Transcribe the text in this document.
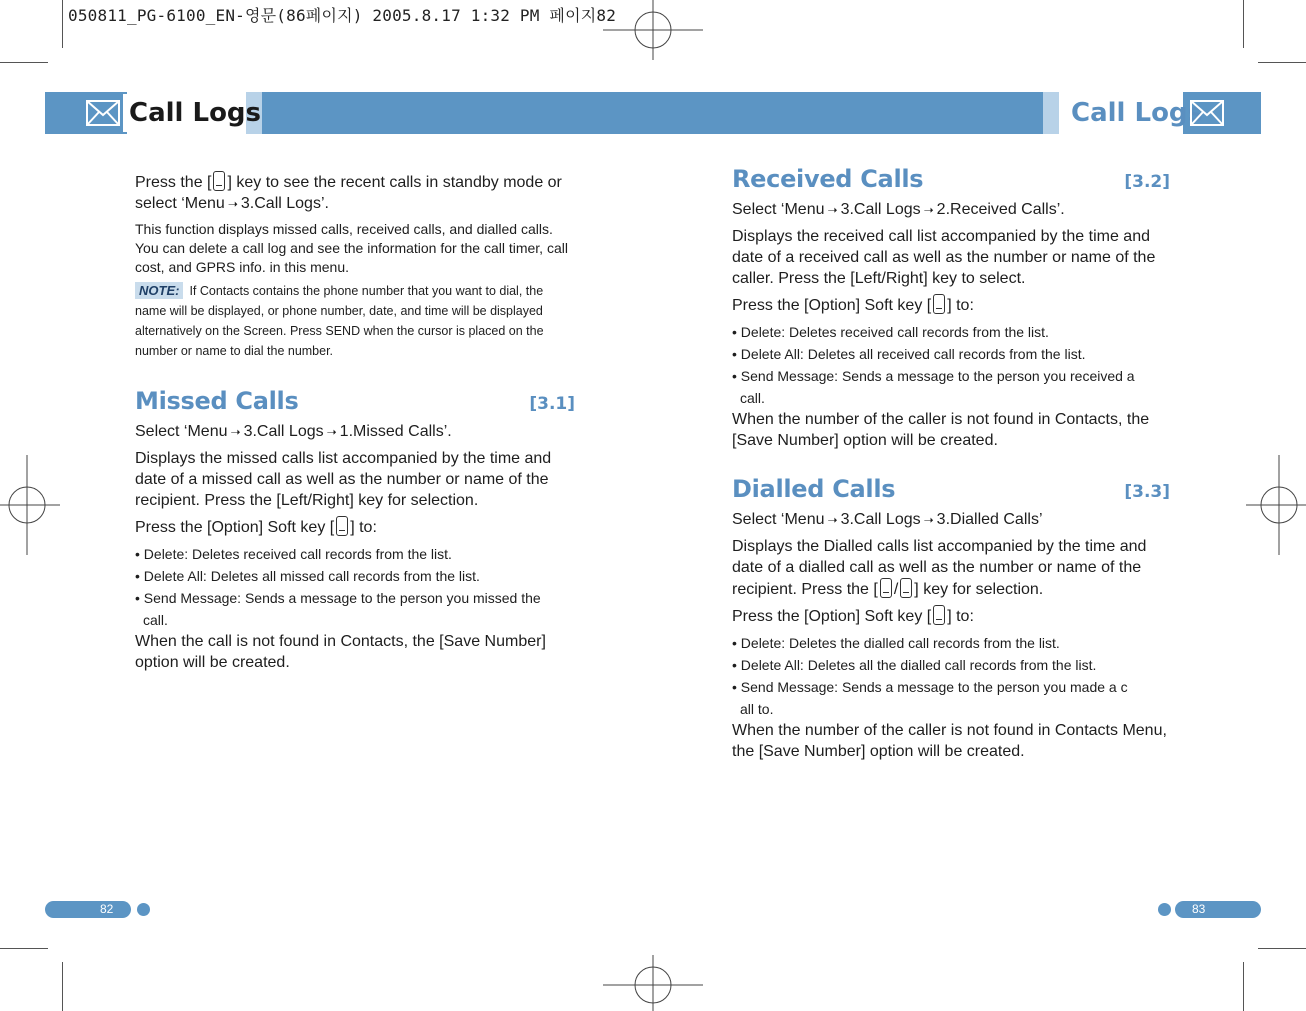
050811_PG-6100_EN-영문(86페이지) 2005.8.17 1:32 PM 페이지82
Call Logs	Call Logs

Press the [ ] key to see the recent calls in standby mode or select ‘Menu ➝ 3.Call Logs’.

This function displays missed calls, received calls, and dialled calls. You can delete a call log and see the information for the call timer, call cost, and GPRS info. in this menu.

NOTE: If Contacts contains the phone number that you want to dial, the name will be displayed, or phone number, date, and time will be displayed alternatively on the Screen. Press SEND when the cursor is placed on the number or name to dial the number.

Missed Calls	[3.1]

Select ‘Menu ➝ 3.Call Logs ➝ 1.Missed Calls’.

Displays the missed calls list accompanied by the time and date of a missed call as well as the number or name of the recipient. Press the [Left/Right] key for selection.

Press the [Option] Soft key [ ] to:

• Delete: Deletes received call records from the list.

• Delete All: Deletes all missed call records from the list.

• Send Message: Sends a message to the person you missed the

call.

When the call is not found in Contacts, the [Save Number] option will be created.

Received Calls	[3.2]

Select ‘Menu ➝ 3.Call Logs ➝ 2.Received Calls’.

Displays the received call list accompanied by the time and date of a received call as well as the number or name of the caller. Press the [Left/Right] key to select.

Press the [Option] Soft key [ ] to:

• Delete: Deletes received call records from the list.

• Delete All: Deletes all received call records from the list.

• Send Message: Sends a message to the person you received a

call.

When the number of the caller is not found in Contacts, the [Save Number] option will be created.

Dialled Calls	[3.3]

Select ‘Menu ➝ 3.Call Logs ➝ 3.Dialled Calls’

Displays the Dialled calls list accompanied by the time and date of a dialled call as well as the number or name of the recipient. Press the [ / ] key for selection.

Press the [Option] Soft key [ ] to:

• Delete: Deletes the dialled call records from the list.

• Delete All: Deletes all the dialled call records from the list.

• Send Message: Sends a message to the person you made a c

all to.

When the number of the caller is not found in Contacts Menu, the [Save Number] option will be created.

82	83
